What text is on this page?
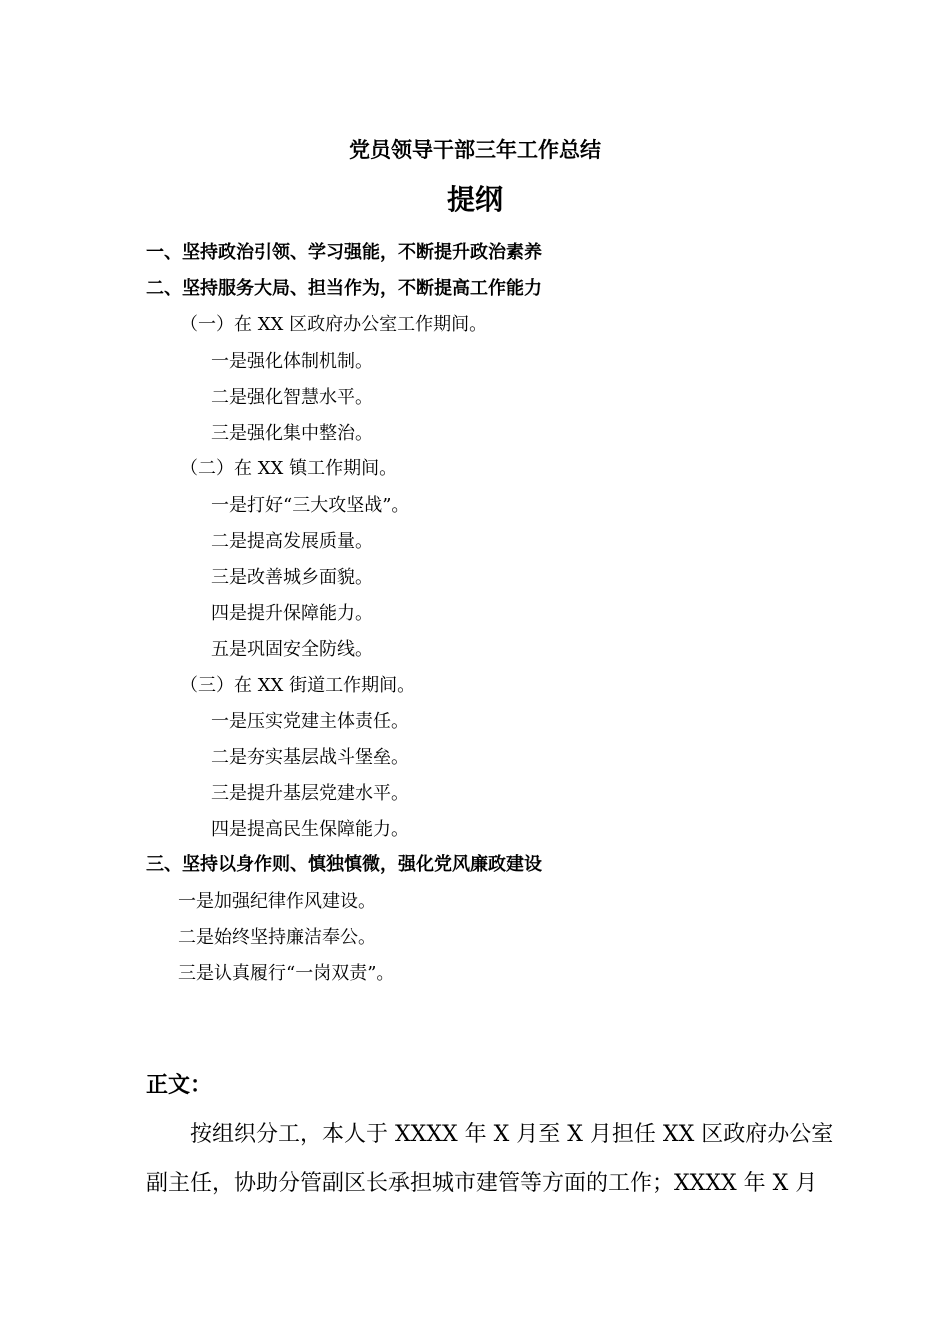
党员领导干部三年工作总结
提纲
一、坚持政治引领、学习强能，不断提升政治素养
二、坚持服务大局、担当作为，不断提高工作能力
（一）在 XX 区政府办公室工作期间。
一是强化体制机制。
二是强化智慧水平。
三是强化集中整治。
（二）在 XX 镇工作期间。
一是打好“三大攻坚战”。
二是提高发展质量。
三是改善城乡面貌。
四是提升保障能力。
五是巩固安全防线。
（三）在 XX 街道工作期间。
一是压实党建主体责任。
二是夯实基层战斗堡垒。
三是提升基层党建水平。
四是提高民生保障能力。
三、坚持以身作则、慎独慎微，强化党风廉政建设
一是加强纪律作风建设。
二是始终坚持廉洁奉公。
三是认真履行“一岗双责”。
正文：
　　按组织分工，本人于 XXXX 年 X 月至 X 月担任 XX 区政府办公室
副主任，协助分管副区长承担城市建管等方面的工作；XXXX 年 X 月
